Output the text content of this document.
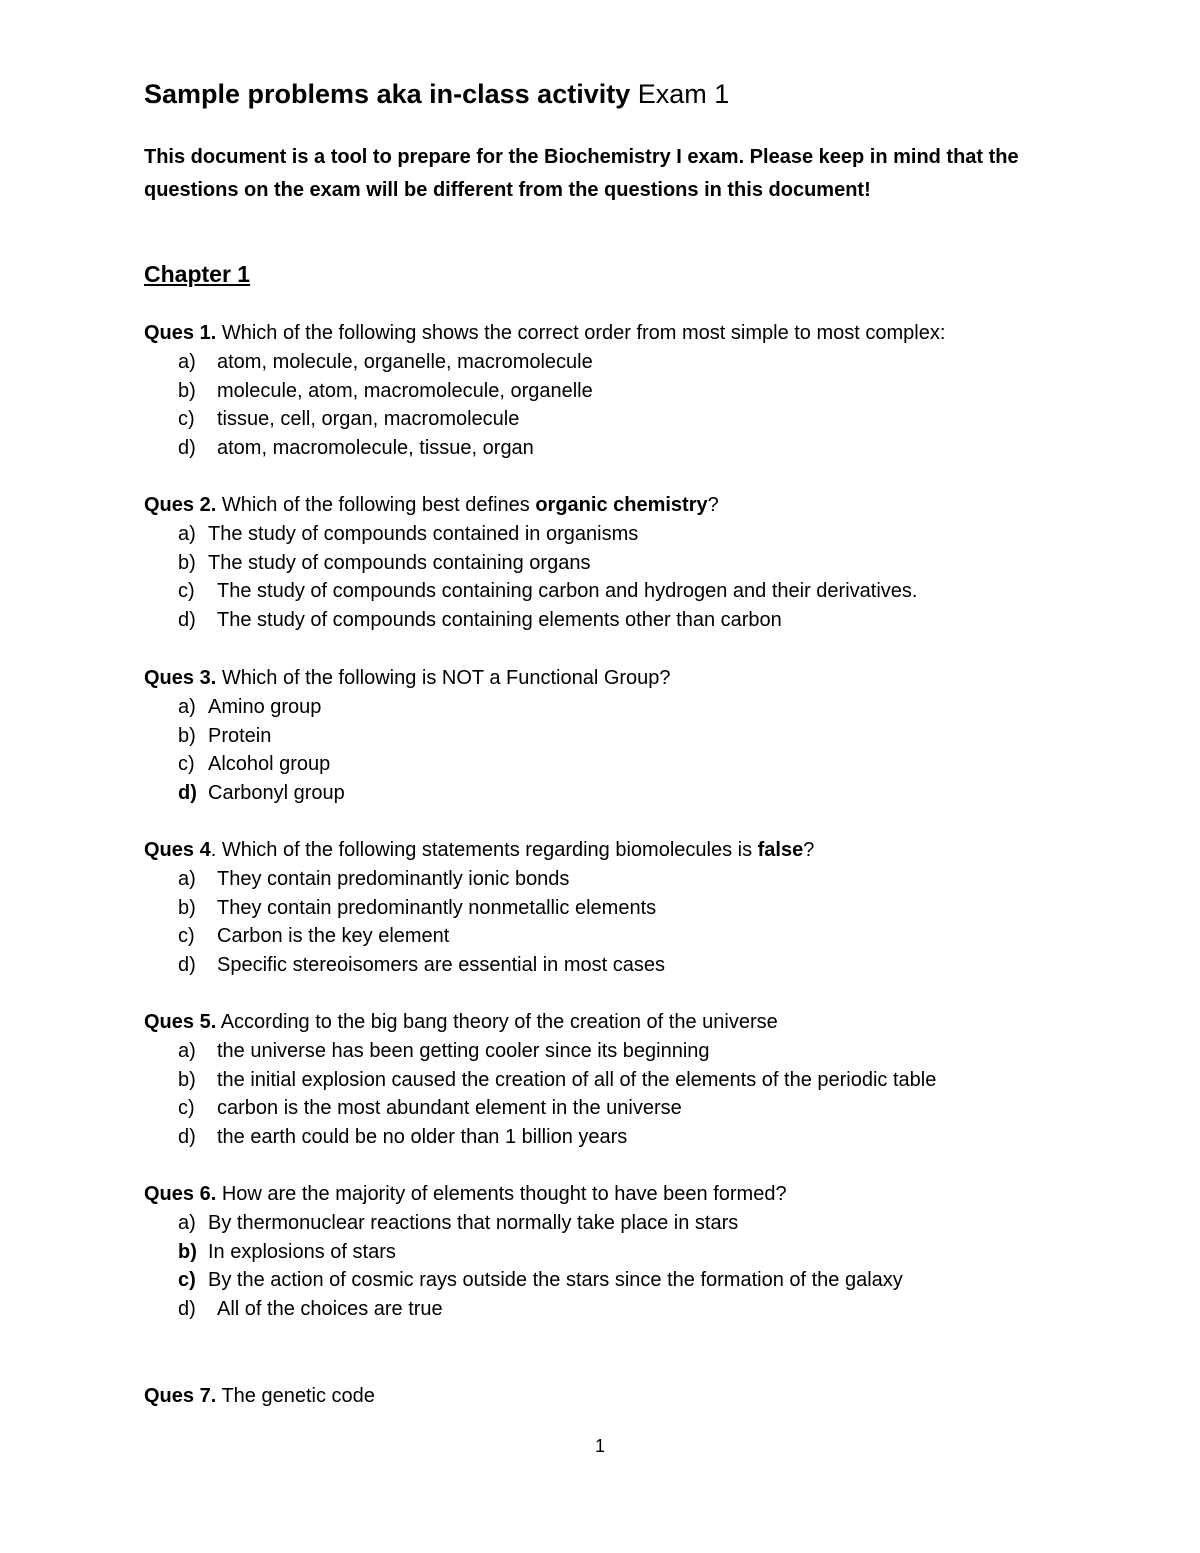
Sample problems aka in-class activity Exam 1
This document is a tool to prepare for the Biochemistry I exam. Please keep in mind that the questions on the exam will be different from the questions in this document!
Chapter 1
Ques 1. Which of the following shows the correct order from most simple to most complex:
a)	atom, molecule, organelle, macromolecule
b)	molecule, atom, macromolecule, organelle
c)	tissue, cell, organ, macromolecule
d)	atom, macromolecule, tissue, organ
Ques 2. Which of the following best defines organic chemistry?
a) The study of compounds contained in organisms
b) The study of compounds containing organs
c)	The study of compounds containing carbon and hydrogen and their derivatives.
d)	The study of compounds containing elements other than carbon
Ques 3. Which of the following is NOT a Functional Group?
a) Amino group
b) Protein
c) Alcohol group
d) Carbonyl group
Ques 4. Which of the following statements regarding biomolecules is false?
a)	They contain predominantly ionic bonds
b)	They contain predominantly nonmetallic elements
c)	Carbon is the key element
d)	Specific stereoisomers are essential in most cases
Ques 5. According to the big bang theory of the creation of the universe
a)	the universe has been getting cooler since its beginning
b)	the initial explosion caused the creation of all of the elements of the periodic table
c)	carbon is the most abundant element in the universe
d)	the earth could be no older than 1 billion years
Ques 6. How are the majority of elements thought to have been formed?
a) By thermonuclear reactions that normally take place in stars
b) In explosions of stars
c) By the action of cosmic rays outside the stars since the formation of the galaxy
d)	All of the choices are true
Ques 7. The genetic code
1
